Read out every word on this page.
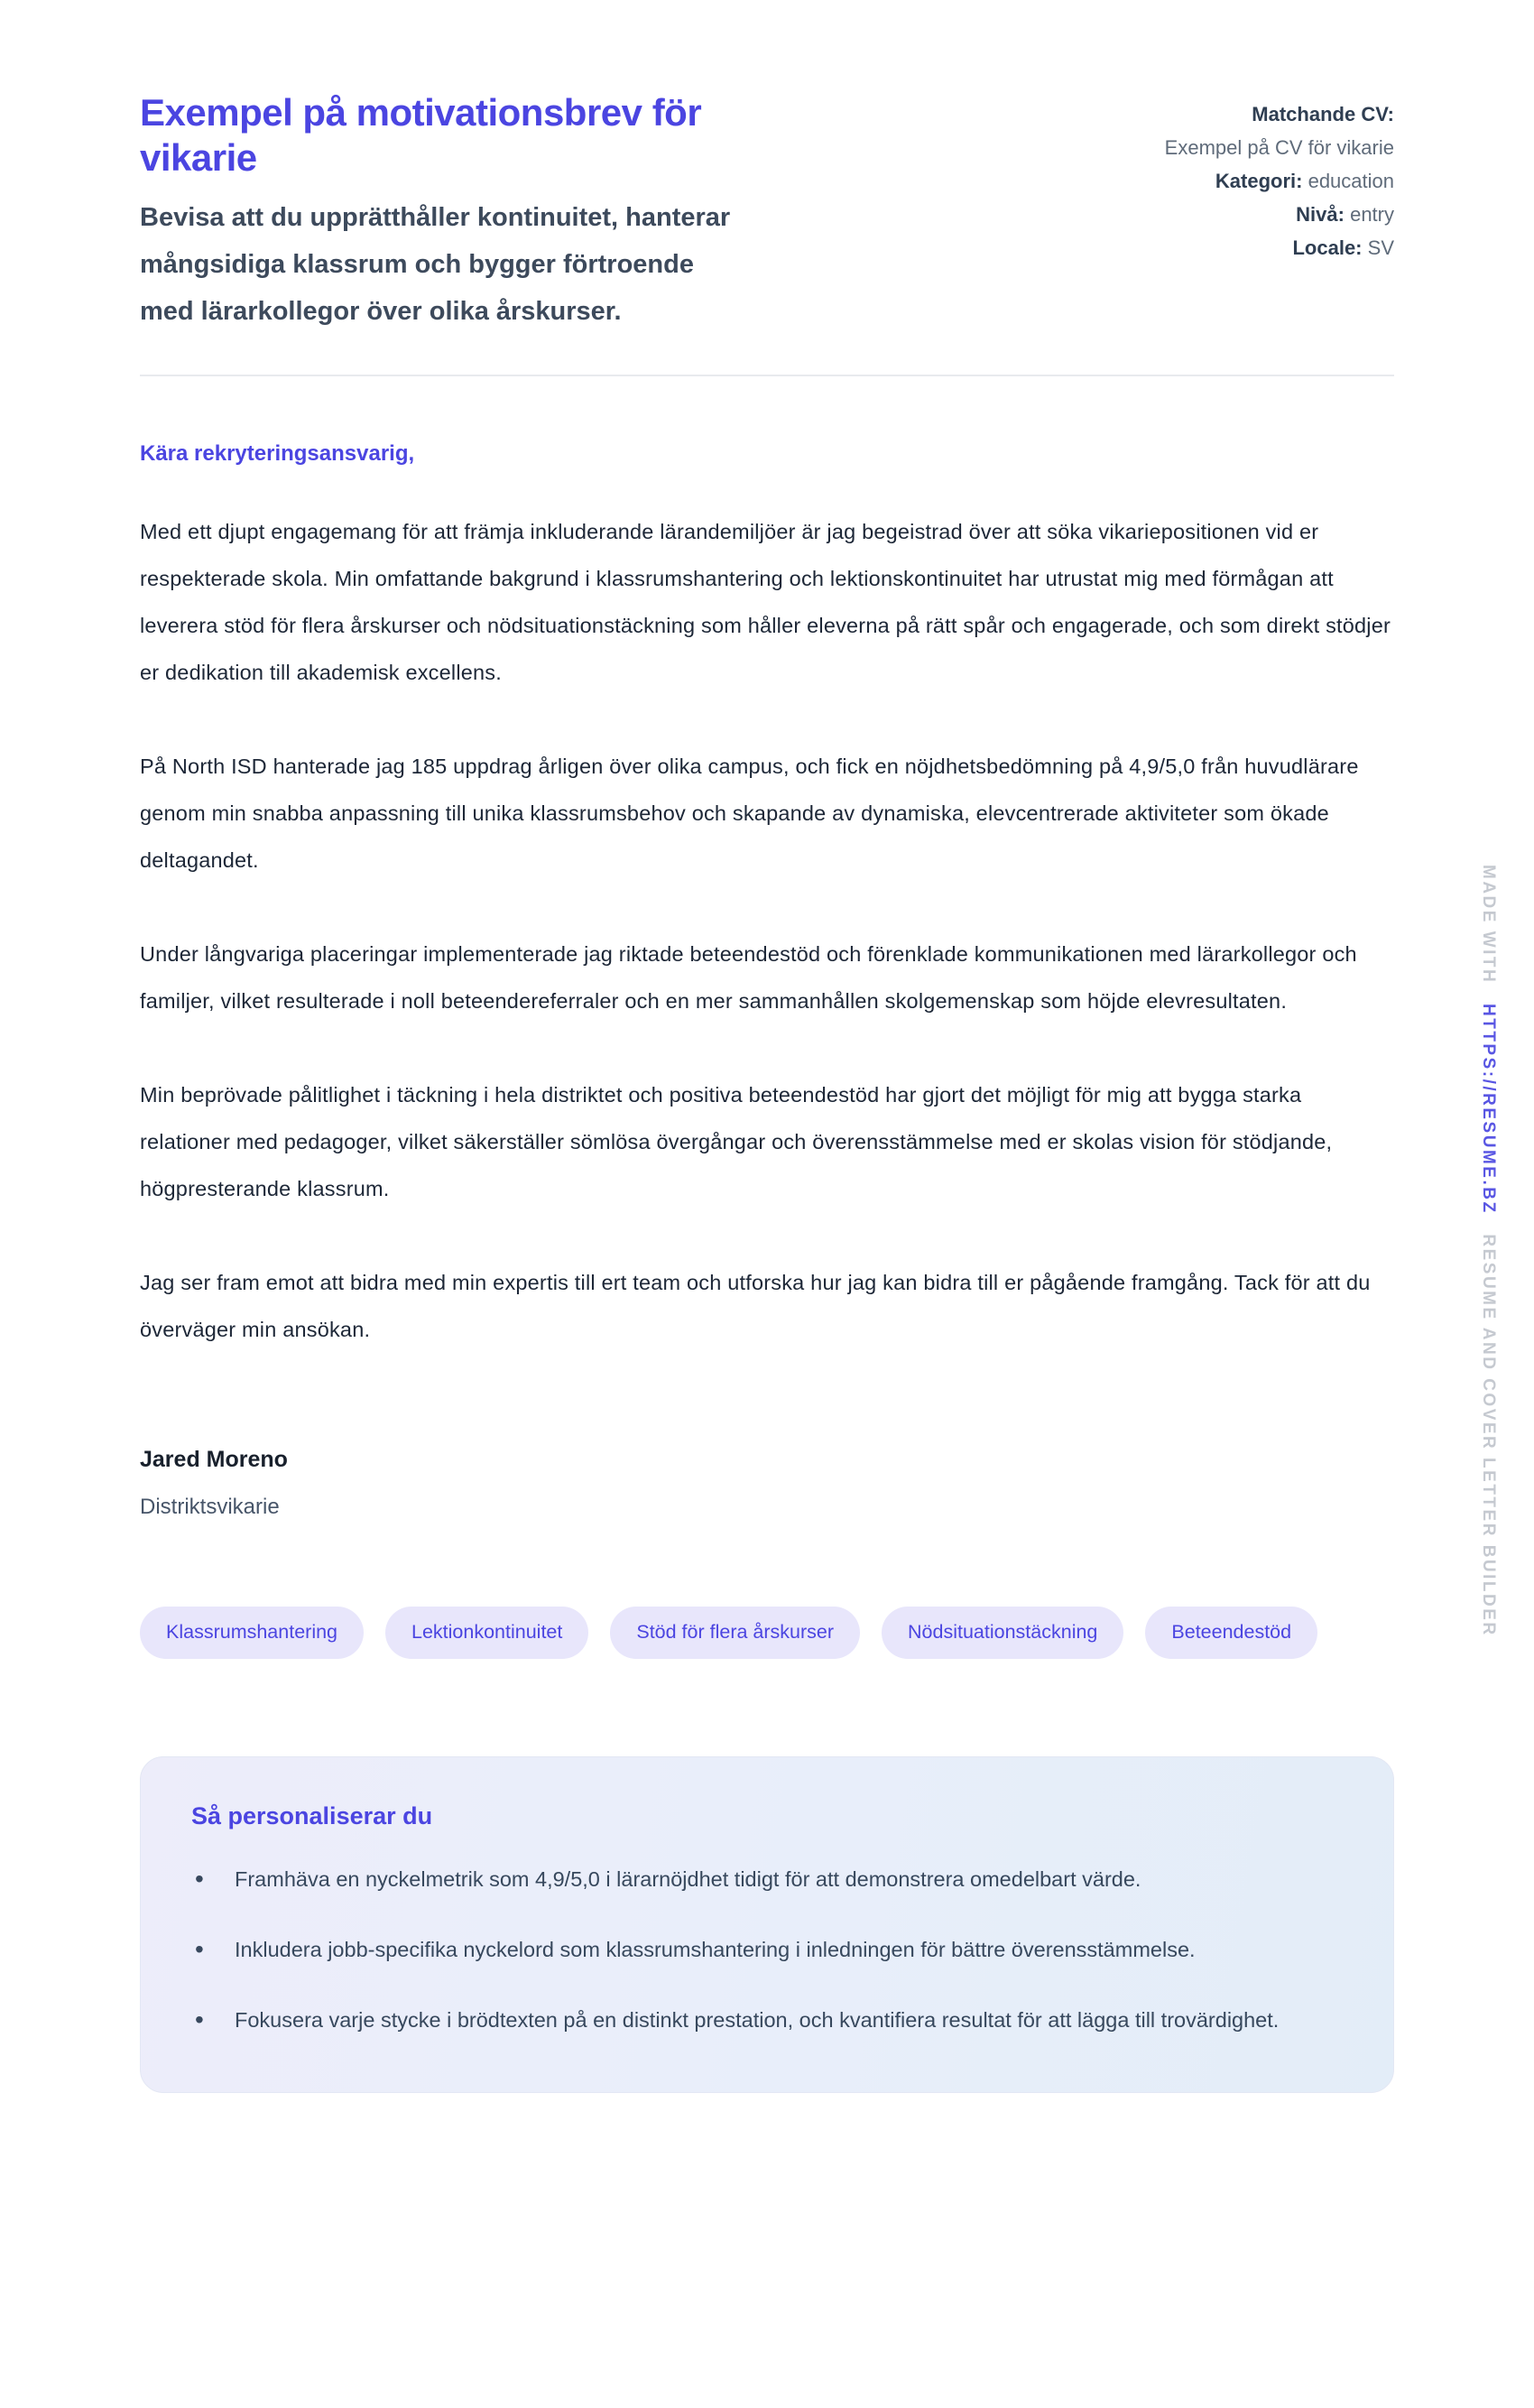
Exempel på motivationsbrev för vikarie

Bevisa att du upprätthåller kontinuitet, hanterar mångsidiga klassrum och bygger förtroende med lärarkollegor över olika årskurser.

Matchande CV:
Exempel på CV för vikarie
Kategori: education
Nivå: entry
Locale: SV

Kära rekryteringsansvarig,

Med ett djupt engagemang för att främja inkluderande lärandemiljöer är jag begeistrad över att söka vikariepositionen vid er respekterade skola. Min omfattande bakgrund i klassrumshantering och lektionskontinuitet har utrustat mig med förmågan att leverera stöd för flera årskurser och nödsituationstäckning som håller eleverna på rätt spår och engagerade, och som direkt stödjer er dedikation till akademisk excellens.

På North ISD hanterade jag 185 uppdrag årligen över olika campus, och fick en nöjdhetsbedömning på 4,9/5,0 från huvudlärare genom min snabba anpassning till unika klassrumsbehov och skapande av dynamiska, elevcentrerade aktiviteter som ökade deltagandet.

Under långvariga placeringar implementerade jag riktade beteendestöd och förenklade kommunikationen med lärarkollegor och familjer, vilket resulterade i noll beteendereferraler och en mer sammanhållen skolgemenskap som höjde elevresultaten.

Min beprövade pålitlighet i täckning i hela distriktet och positiva beteendestöd har gjort det möjligt för mig att bygga starka relationer med pedagoger, vilket säkerställer sömlösa övergångar och överensstämmelse med er skolas vision för stödjande, högpresterande klassrum.

Jag ser fram emot att bidra med min expertis till ert team och utforska hur jag kan bidra till er pågående framgång. Tack för att du överväger min ansökan.

Jared Moreno

Distriktsvikarie

Klassrumshantering	Lektionkontinuitet	Stöd för flera årskurser	Nödsituationstäckning	Beteendestöd
Så personaliserar du
• Framhäva en nyckelmetrik som 4,9/5,0 i lärarnöjdhet tidigt för att demonstrera omedelbart värde.
• Inkludera jobb-specifika nyckelord som klassrumshantering i inledningen för bättre överensstämmelse.
• Fokusera varje stycke i brödtexten på en distinkt prestation, och kvantifiera resultat för att lägga till trovärdighet.
MADE WITH HTTPS://RESUME.BZ RESUME AND COVER LETTER BUILDER
